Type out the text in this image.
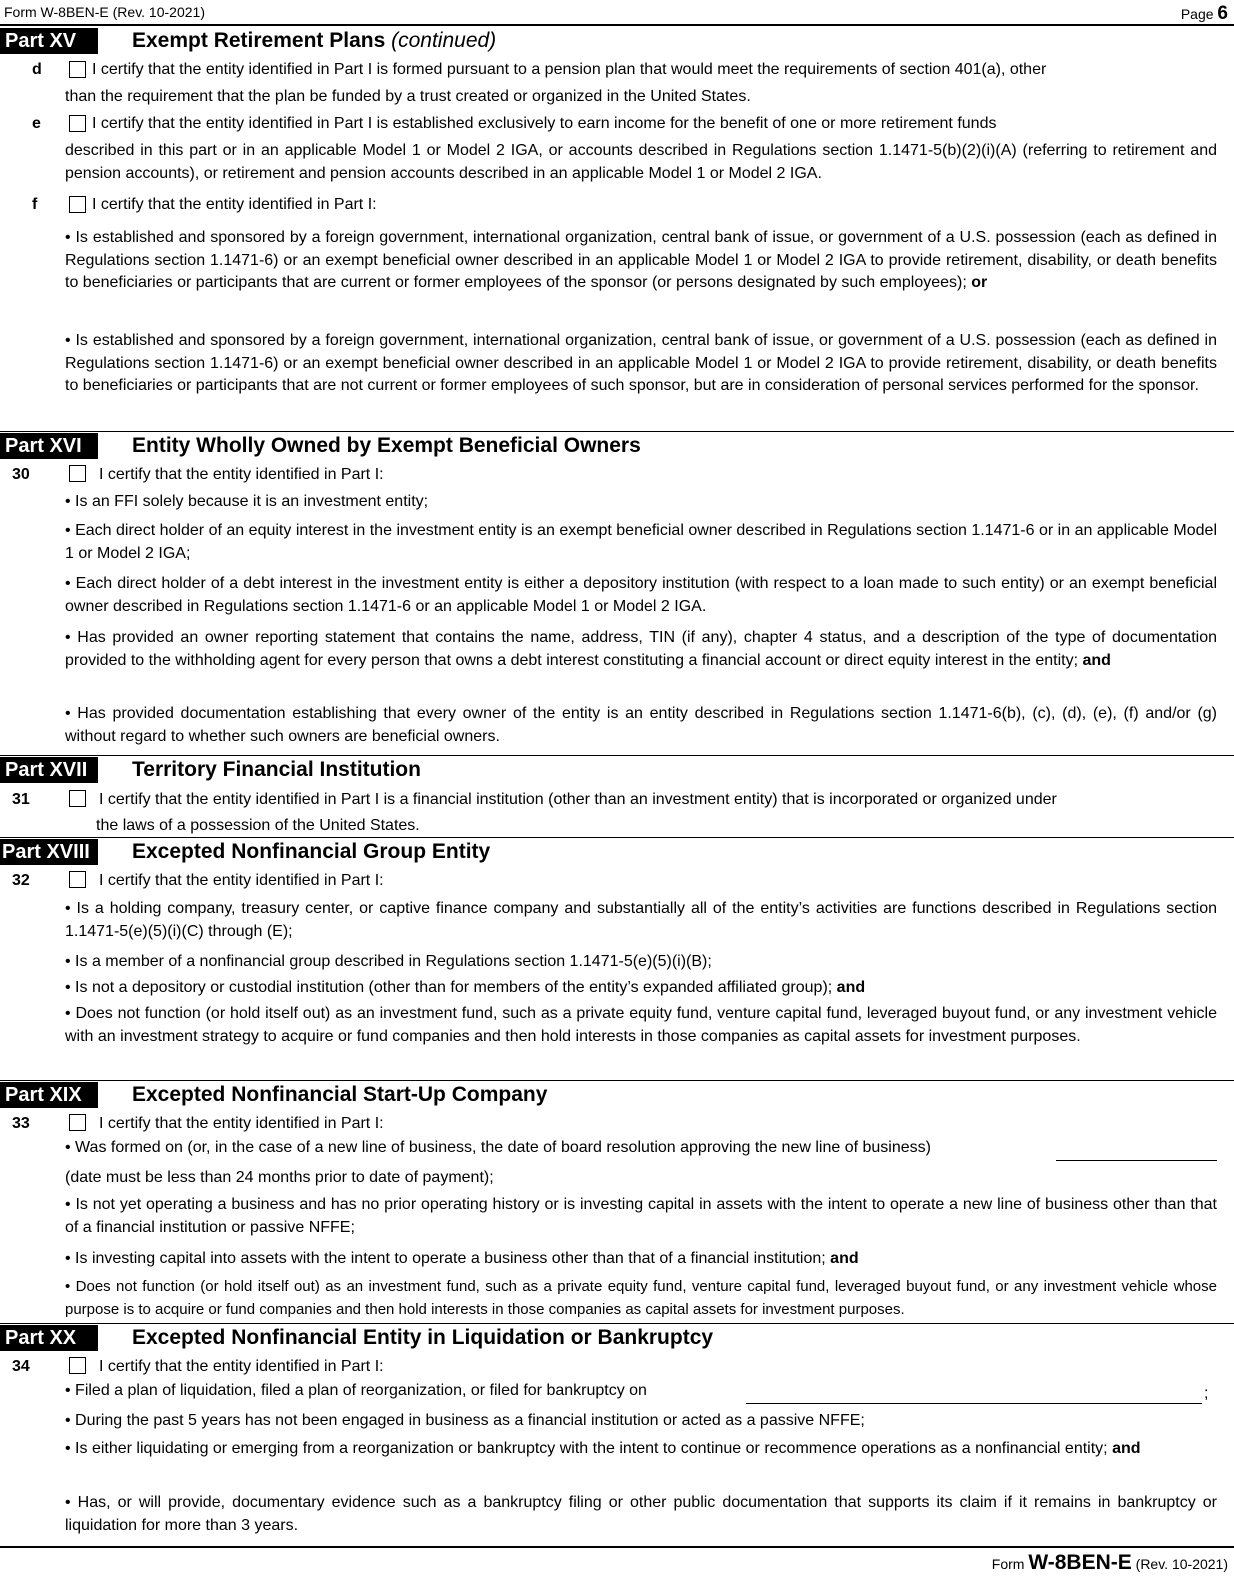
Form W-8BEN-E (Rev. 10-2021)	Page 6
Part XV	Exempt Retirement Plans (continued)
d	I certify that the entity identified in Part I is formed pursuant to a pension plan that would meet the requirements of section 401(a), other
than the requirement that the plan be funded by a trust created or organized in the United States.
e	I certify that the entity identified in Part I is established exclusively to earn income for the benefit of one or more retirement funds
described in this part or in an applicable Model 1 or Model 2 IGA, or accounts described in Regulations section 1.1471-5(b)(2)(i)(A) (referring to retirement and pension accounts), or retirement and pension accounts described in an applicable Model 1 or Model 2 IGA.
f	I certify that the entity identified in Part I:
• Is established and sponsored by a foreign government, international organization, central bank of issue, or government of a U.S. possession (each as defined in Regulations section 1.1471-6) or an exempt beneficial owner described in an applicable Model 1 or Model 2 IGA to provide retirement, disability, or death benefits to beneficiaries or participants that are current or former employees of the sponsor (or persons designated by such employees); or
• Is established and sponsored by a foreign government, international organization, central bank of issue, or government of a U.S. possession (each as defined in Regulations section 1.1471-6) or an exempt beneficial owner described in an applicable Model 1 or Model 2 IGA to provide retirement, disability, or death benefits to beneficiaries or participants that are not current or former employees of such sponsor, but are in consideration of personal services performed for the sponsor.
Part XVI	Entity Wholly Owned by Exempt Beneficial Owners
30	I certify that the entity identified in Part I:
• Is an FFI solely because it is an investment entity;
• Each direct holder of an equity interest in the investment entity is an exempt beneficial owner described in Regulations section 1.1471-6 or in an applicable Model 1 or Model 2 IGA;
• Each direct holder of a debt interest in the investment entity is either a depository institution (with respect to a loan made to such entity) or an exempt beneficial owner described in Regulations section 1.1471-6 or an applicable Model 1 or Model 2 IGA.
• Has provided an owner reporting statement that contains the name, address, TIN (if any), chapter 4 status, and a description of the type of documentation provided to the withholding agent for every person that owns a debt interest constituting a financial account or direct equity interest in the entity; and
• Has provided documentation establishing that every owner of the entity is an entity described in Regulations section 1.1471-6(b), (c), (d), (e), (f) and/or (g) without regard to whether such owners are beneficial owners.
Part XVII	Territory Financial Institution
31	I certify that the entity identified in Part I is a financial institution (other than an investment entity) that is incorporated or organized under
the laws of a possession of the United States.
Part XVIII	Excepted Nonfinancial Group Entity
32	I certify that the entity identified in Part I:
• Is a holding company, treasury center, or captive finance company and substantially all of the entity’s activities are functions described in Regulations section 1.1471-5(e)(5)(i)(C) through (E);
• Is a member of a nonfinancial group described in Regulations section 1.1471-5(e)(5)(i)(B);
• Is not a depository or custodial institution (other than for members of the entity’s expanded affiliated group); and
• Does not function (or hold itself out) as an investment fund, such as a private equity fund, venture capital fund, leveraged buyout fund, or any investment vehicle with an investment strategy to acquire or fund companies and then hold interests in those companies as capital assets for investment purposes.
Part XIX	Excepted Nonfinancial Start-Up Company
33	I certify that the entity identified in Part I:
• Was formed on (or, in the case of a new line of business, the date of board resolution approving the new line of business)
(date must be less than 24 months prior to date of payment);
• Is not yet operating a business and has no prior operating history or is investing capital in assets with the intent to operate a new line of business other than that of a financial institution or passive NFFE;
• Is investing capital into assets with the intent to operate a business other than that of a financial institution; and
• Does not function (or hold itself out) as an investment fund, such as a private equity fund, venture capital fund, leveraged buyout fund, or any investment vehicle whose purpose is to acquire or fund companies and then hold interests in those companies as capital assets for investment purposes.
Part XX	Excepted Nonfinancial Entity in Liquidation or Bankruptcy
34	I certify that the entity identified in Part I:
• Filed a plan of liquidation, filed a plan of reorganization, or filed for bankruptcy on	;
• During the past 5 years has not been engaged in business as a financial institution or acted as a passive NFFE;
• Is either liquidating or emerging from a reorganization or bankruptcy with the intent to continue or recommence operations as a nonfinancial entity; and
• Has, or will provide, documentary evidence such as a bankruptcy filing or other public documentation that supports its claim if it remains in bankruptcy or liquidation for more than 3 years.
Form W-8BEN-E (Rev. 10-2021)
